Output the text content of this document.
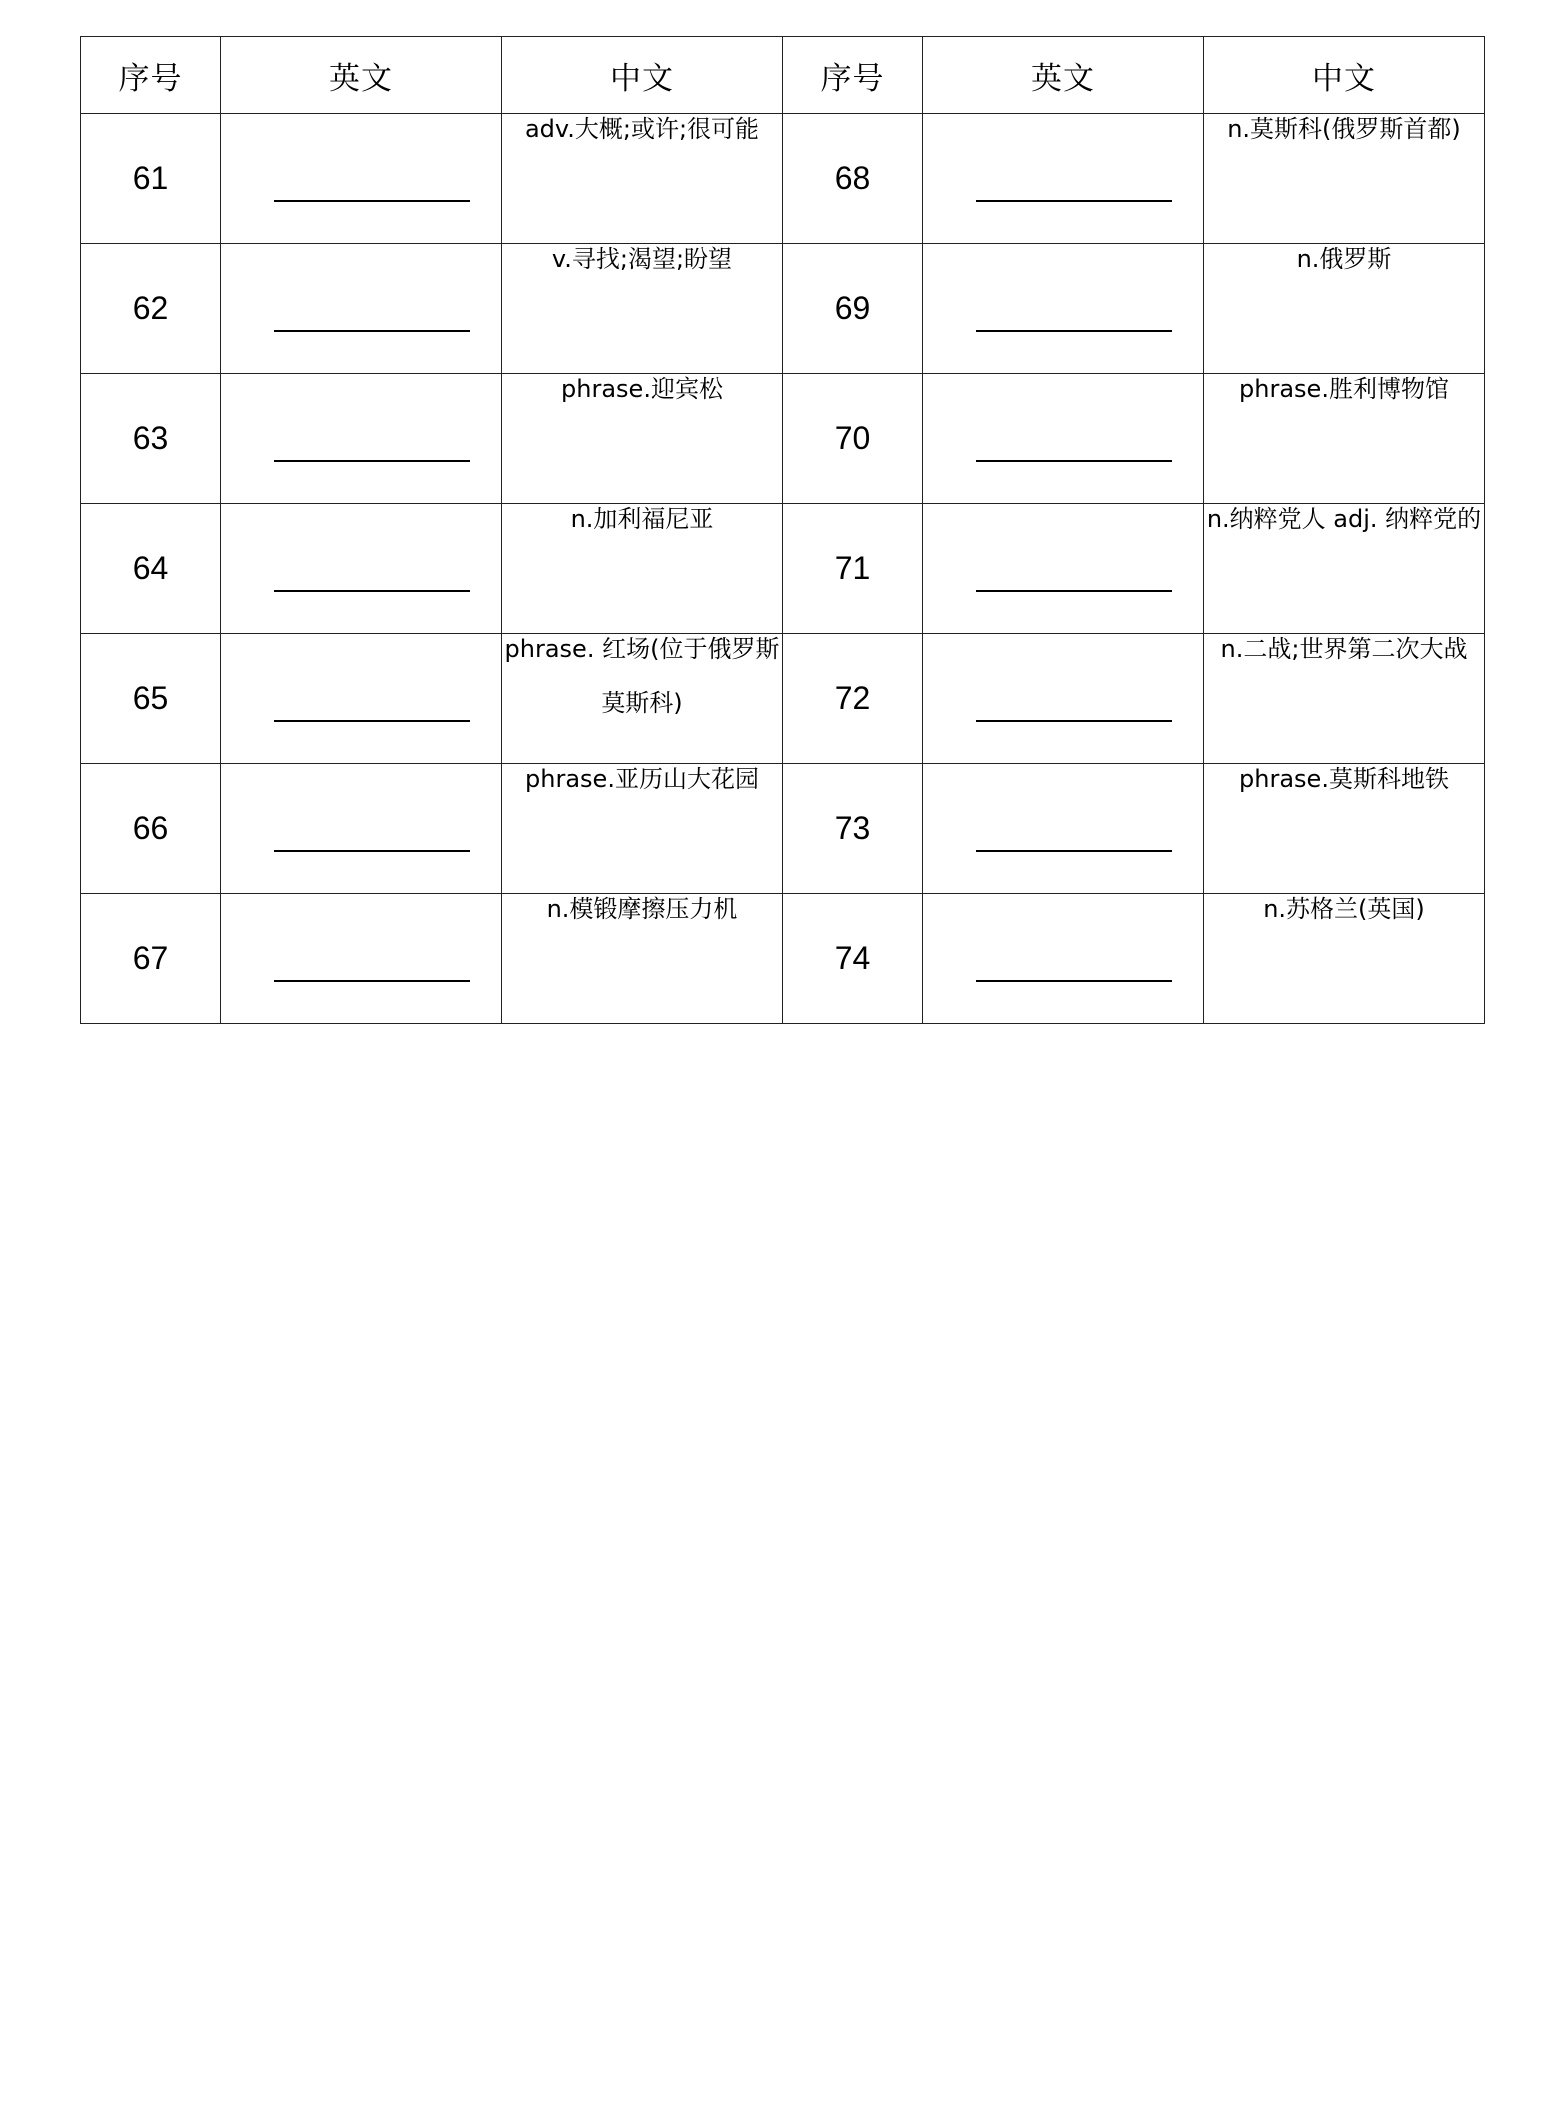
序号	英文	中文	序号	英文	中文
61		adv.大概;或许;很可能	68		n.莫斯科(俄罗斯首都)

62		v.寻找;渴望;盼望	69		n.俄罗斯

63		phrase.迎宾松	70		phrase.胜利博物馆

64		n.加利福尼亚	71		n.纳粹党人 adj. 纳粹党的

65		phrase. 红场(位于俄罗斯莫斯科)	72		n.二战;世界第二次大战

66		phrase.亚历山大花园	73		phrase.莫斯科地铁

67		n.模锻摩擦压力机	74		n.苏格兰(英国)
